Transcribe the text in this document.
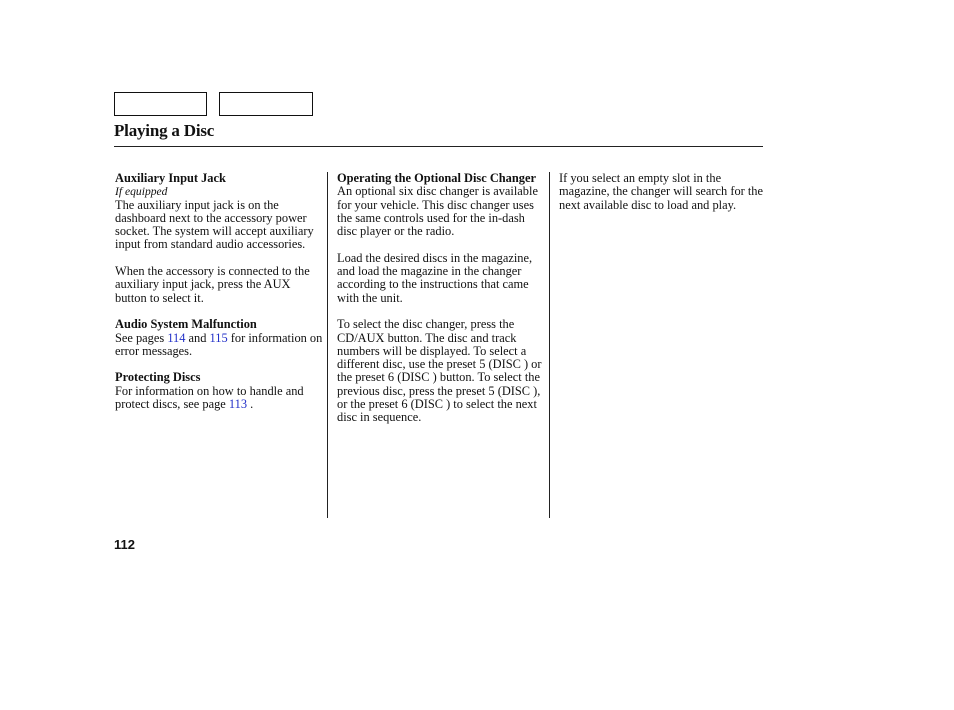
Playing a Disc
Auxiliary Input Jack
If equipped

The auxiliary input jack is on the dashboard next to the accessory power socket. The system will accept auxiliary input from standard audio accessories.

When the accessory is connected to the auxiliary input jack, press the AUX button to select it.

Audio System Malfunction

See pages 114 and 115 for information on error messages.

Protecting Discs

For information on how to handle and protect discs, see page 113 .

Operating the Optional Disc Changer

An optional six disc changer is available for your vehicle. This disc changer uses the same controls used for the in-dash disc player or the radio.

Load the desired discs in the magazine, and load the magazine in the changer according to the instructions that came with the unit.

To select the disc changer, press the CD/AUX button. The disc and track numbers will be displayed. To select a different disc, use the preset 5 (DISC ) or the preset 6 (DISC ) button. To select the previous disc, press the preset 5 (DISC ), or the preset 6 (DISC ) to select the next disc in sequence.

If you select an empty slot in the magazine, the changer will search for the next available disc to load and play.

112
